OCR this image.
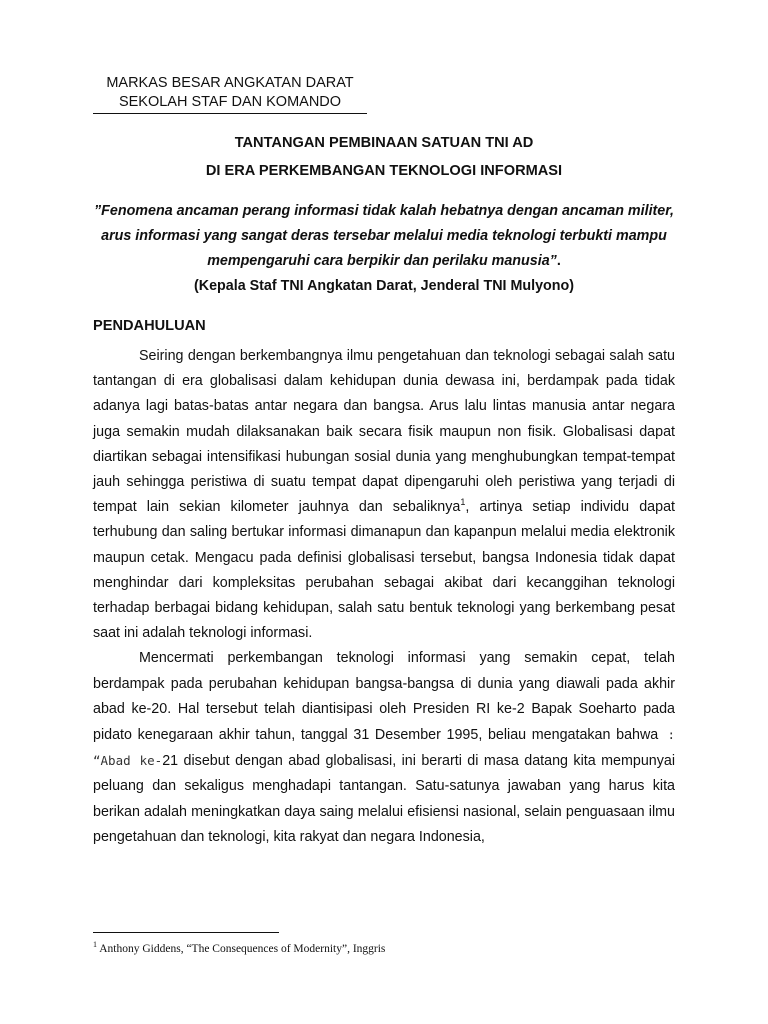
MARKAS BESAR ANGKATAN DARAT
SEKOLAH STAF DAN KOMANDO
TANTANGAN PEMBINAAN SATUAN TNI AD
DI ERA PERKEMBANGAN TEKNOLOGI INFORMASI
”Fenomena ancaman perang informasi tidak kalah hebatnya dengan ancaman militer, arus informasi yang sangat deras tersebar melalui media teknologi terbukti mampu mempengaruhi cara berpikir dan perilaku manusia”.
(Kepala Staf TNI Angkatan Darat, Jenderal TNI Mulyono)
PENDAHULUAN

Seiring dengan berkembangnya ilmu pengetahuan dan teknologi sebagai salah satu tantangan di era globalisasi dalam kehidupan dunia dewasa ini, berdampak pada tidak adanya lagi batas-batas antar negara dan bangsa. Arus lalu lintas manusia antar negara juga semakin mudah dilaksanakan baik secara fisik maupun non fisik. Globalisasi dapat diartikan sebagai intensifikasi hubungan sosial dunia yang menghubungkan tempat-tempat jauh sehingga peristiwa di suatu tempat dapat dipengaruhi oleh peristiwa yang terjadi di tempat lain sekian kilometer jauhnya dan sebaliknya$^1$, artinya setiap individu dapat terhubung dan saling bertukar informasi dimanapun dan kapanpun melalui media elektronik maupun cetak. Mengacu pada definisi globalisasi tersebut, bangsa Indonesia tidak dapat menghindar dari kompleksitas perubahan sebagai akibat dari kecanggihan teknologi terhadap berbagai bidang kehidupan, salah satu bentuk teknologi yang berkembang pesat saat ini adalah teknologi informasi.

Mencermati perkembangan teknologi informasi yang semakin cepat, telah berdampak pada perubahan kehidupan bangsa-bangsa di dunia yang diawali pada akhir abad ke-20. Hal tersebut telah diantisipasi oleh Presiden RI ke-2 Bapak Soeharto pada pidato kenegaraan akhir tahun, tanggal 31 Desember 1995, beliau mengatakan bahwa : “Abad ke-21 disebut dengan abad globalisasi, ini berarti di masa datang kita mempunyai peluang dan sekaligus menghadapi tantangan. Satu-satunya jawaban yang harus kita berikan adalah meningkatkan daya saing melalui efisiensi nasional, selain penguasaan ilmu pengetahuan dan teknologi, kita rakyat dan negara Indonesia,

$^1$ Anthony Giddens, “The Consequences of Modernity”, Inggris
